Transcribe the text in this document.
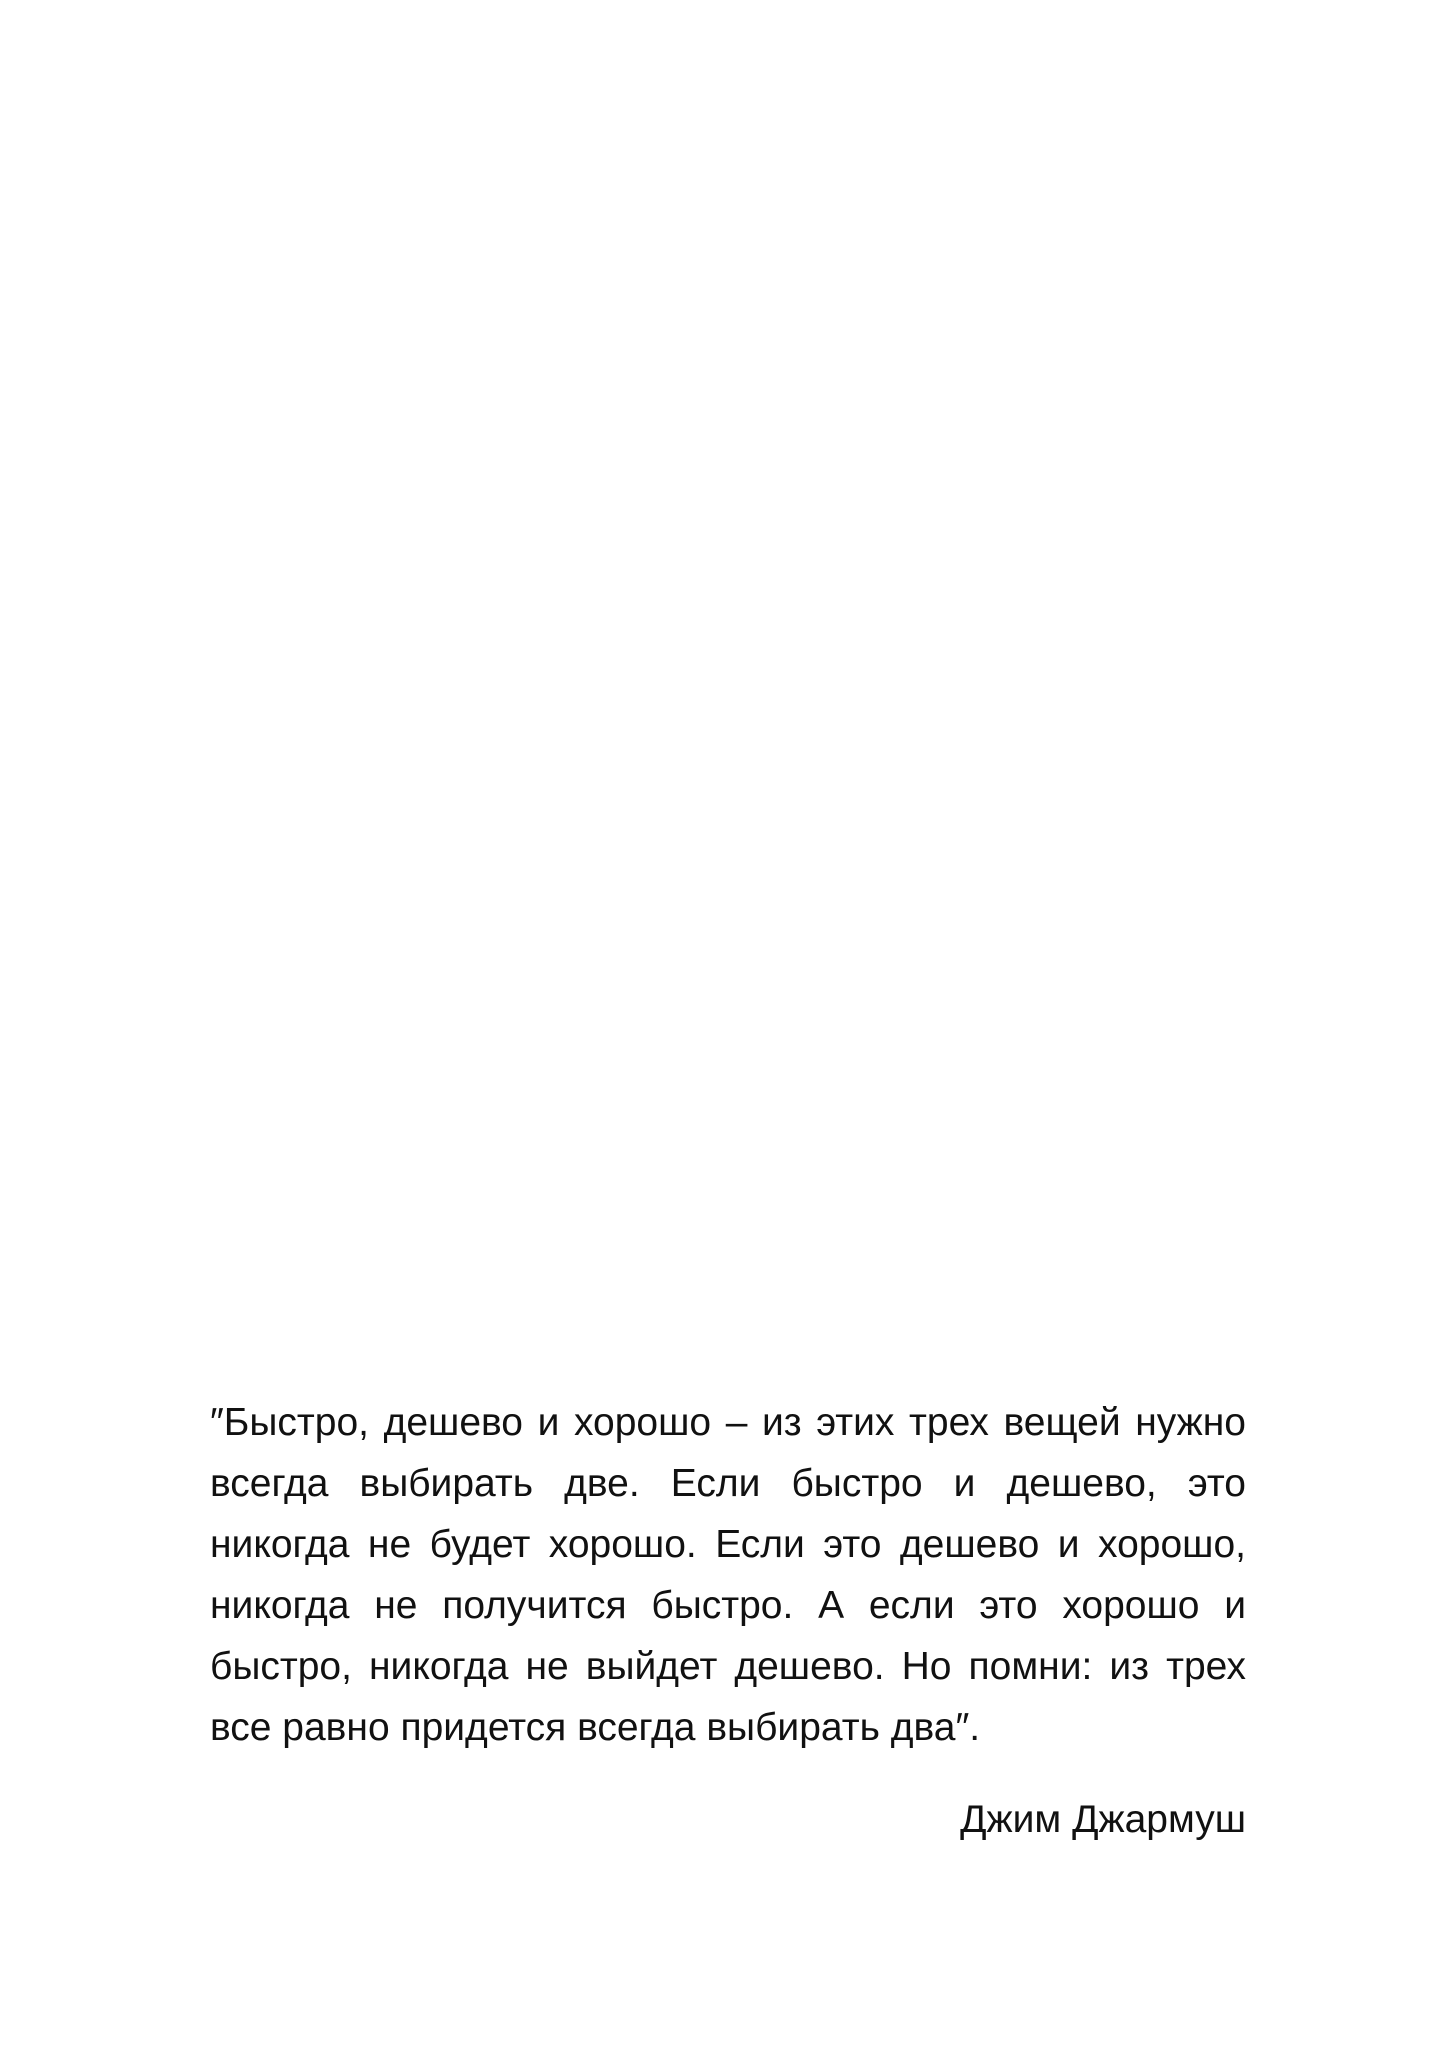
″Быстро, дешево и хорошо – из этих трех вещей нужно
всегда выбирать две. Если быстро и дешево, это
никогда не будет хорошо. Если это дешево и хорошо,
никогда не получится быстро. А если это хорошо и
быстро, никогда не выйдет дешево. Но помни: из трех
все равно придется всегда выбирать два″.
Джим Джармуш
